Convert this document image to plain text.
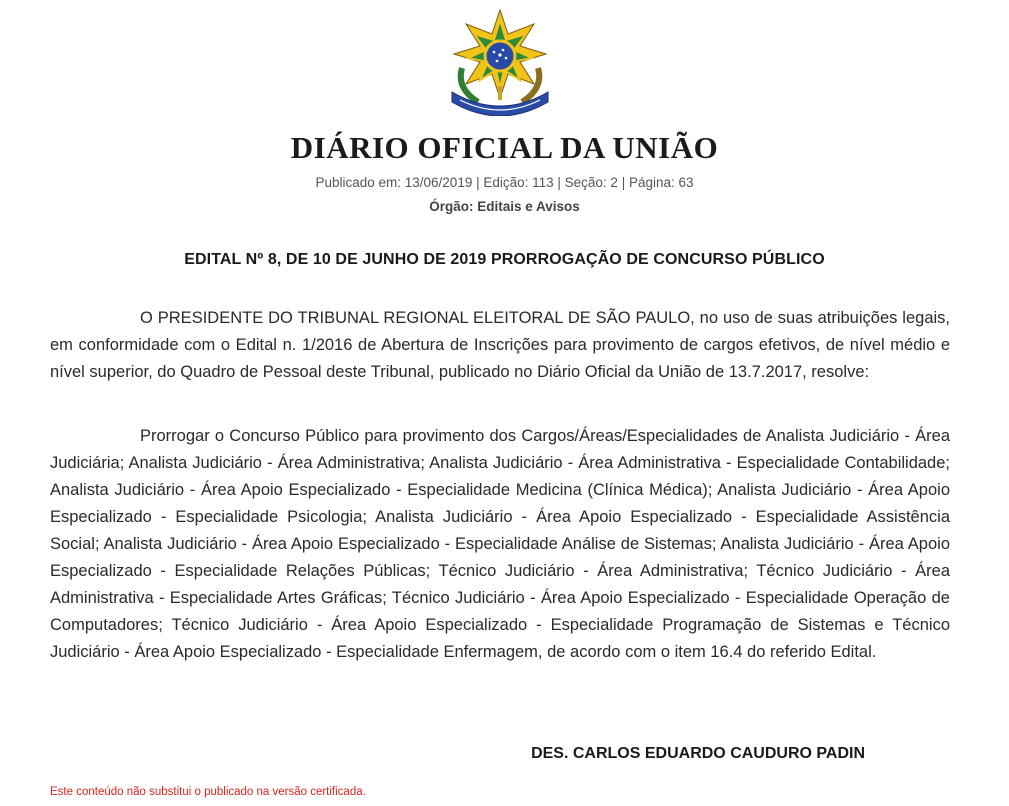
DIÁRIO OFICIAL DA UNIÃO
Publicado em: 13/06/2019 | Edição: 113 | Seção: 2 | Página: 63
Órgão: Editais e Avisos
EDITAL Nº 8, DE 10 DE JUNHO DE 2019 PRORROGAÇÃO DE CONCURSO PÚBLICO

O PRESIDENTE DO TRIBUNAL REGIONAL ELEITORAL DE SÃO PAULO, no uso de suas atribuições legais, em conformidade com o Edital n. 1/2016 de Abertura de Inscrições para provimento de cargos efetivos, de nível médio e nível superior, do Quadro de Pessoal deste Tribunal, publicado no Diário Oficial da União de 13.7.2017, resolve:

Prorrogar o Concurso Público para provimento dos Cargos/Áreas/Especialidades de Analista Judiciário - Área Judiciária; Analista Judiciário - Área Administrativa; Analista Judiciário - Área Administrativa - Especialidade Contabilidade; Analista Judiciário - Área Apoio Especializado - Especialidade Medicina (Clínica Médica); Analista Judiciário - Área Apoio Especializado - Especialidade Psicologia; Analista Judiciário - Área Apoio Especializado - Especialidade Assistência Social; Analista Judiciário - Área Apoio Especializado - Especialidade Análise de Sistemas; Analista Judiciário - Área Apoio Especializado - Especialidade Relações Públicas; Técnico Judiciário - Área Administrativa; Técnico Judiciário - Área Administrativa - Especialidade Artes Gráficas; Técnico Judiciário - Área Apoio Especializado - Especialidade Operação de Computadores; Técnico Judiciário - Área Apoio Especializado - Especialidade Programação de Sistemas e Técnico Judiciário - Área Apoio Especializado - Especialidade Enfermagem, de acordo com o item 16.4 do referido Edital.

DES. CARLOS EDUARDO CAUDURO PADIN
Este conteúdo não substitui o publicado na versão certificada.
